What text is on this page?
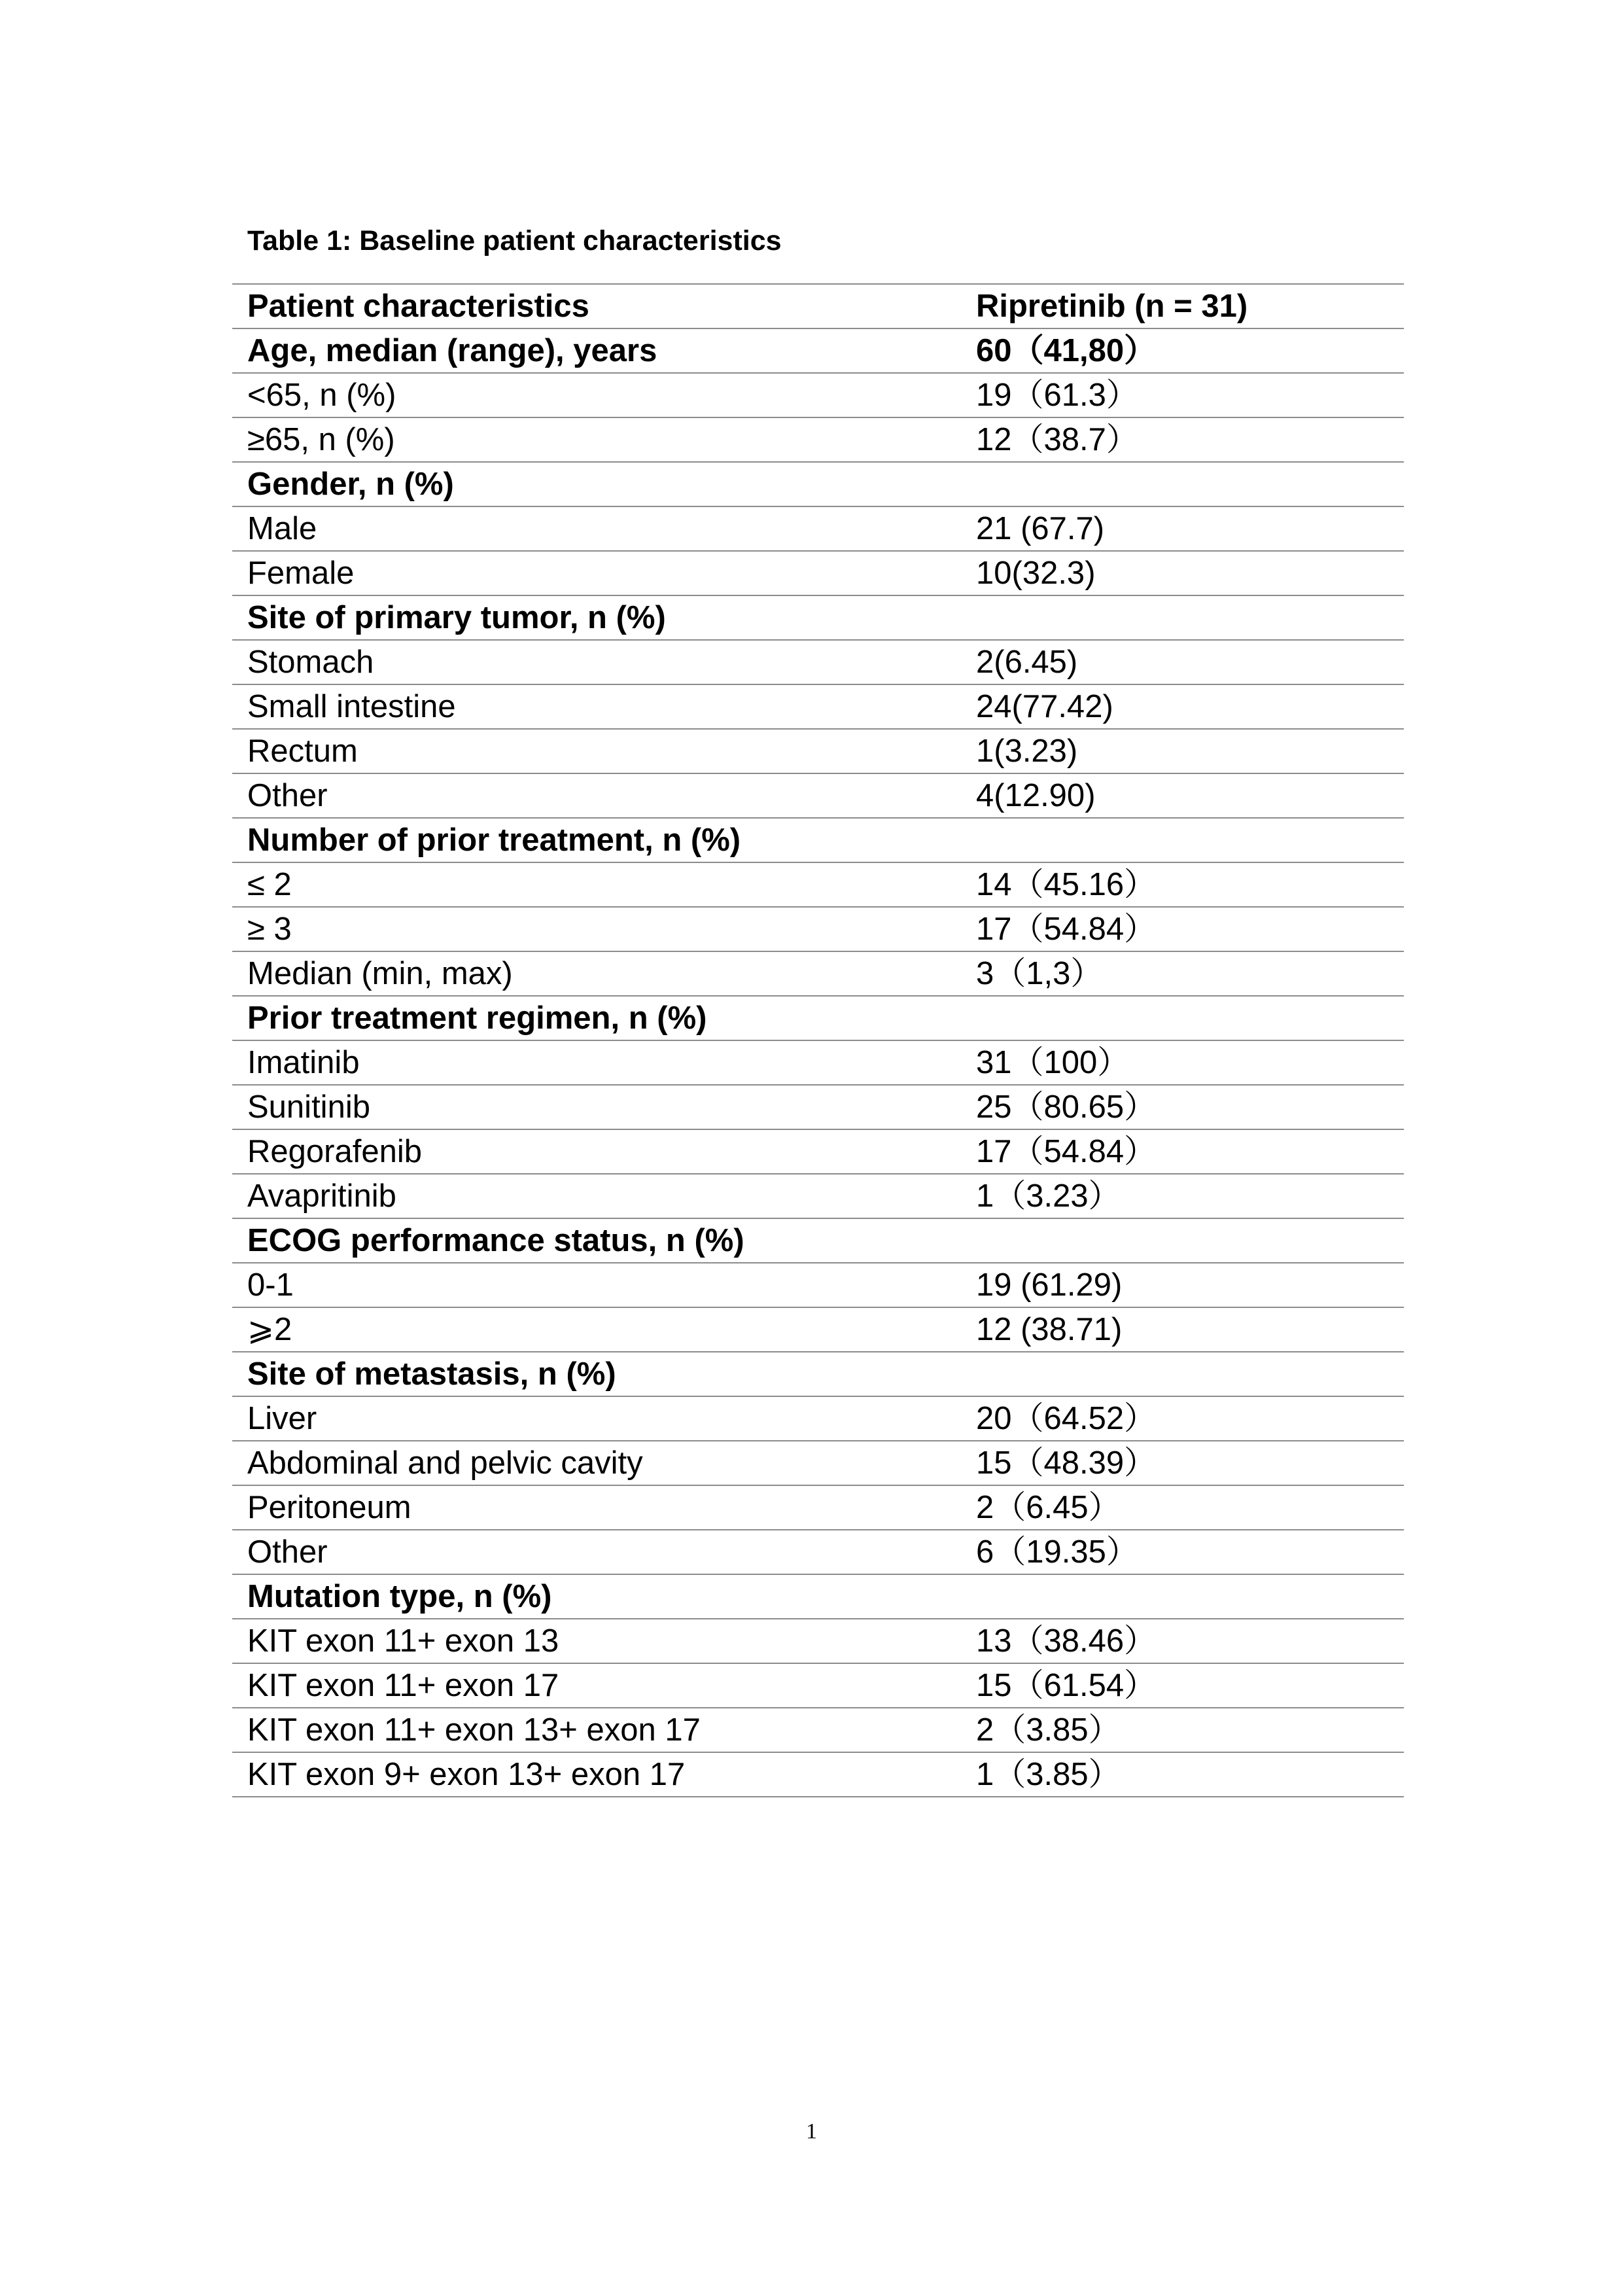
Table 1: Baseline patient characteristics
Patient characteristics	Ripretinib (n = 31)
Age, median (range), years	60（41,80）
<65, n (%)	19（61.3）
≥65, n (%)	12（38.7）
Gender, n (%)	
Male	21 (67.7)
Female	10(32.3)
Site of primary tumor, n (%)	
Stomach	2(6.45)
Small intestine	24(77.42)
Rectum	1(3.23)
Other	4(12.90)
Number of prior treatment, n (%)	
≤ 2	14（45.16）
≥ 3	17（54.84）
Median (min, max)	3（1,3）
Prior treatment regimen, n (%)	
Imatinib	31（100）
Sunitinib	25（80.65）
Regorafenib	17（54.84）
Avapritinib	1（3.23）
ECOG performance status, n (%)	
0-1	19 (61.29)
⩾2	12 (38.71)
Site of metastasis, n (%)	
Liver	20（64.52）
Abdominal and pelvic cavity	15（48.39）
Peritoneum	2（6.45）
Other	6（19.35）
Mutation type, n (%)	
KIT exon 11+ exon 13	13（38.46）
KIT exon 11+ exon 17	15（61.54）
KIT exon 11+ exon 13+ exon 17	2（3.85）
KIT exon 9+ exon 13+ exon 17	1（3.85）
1
